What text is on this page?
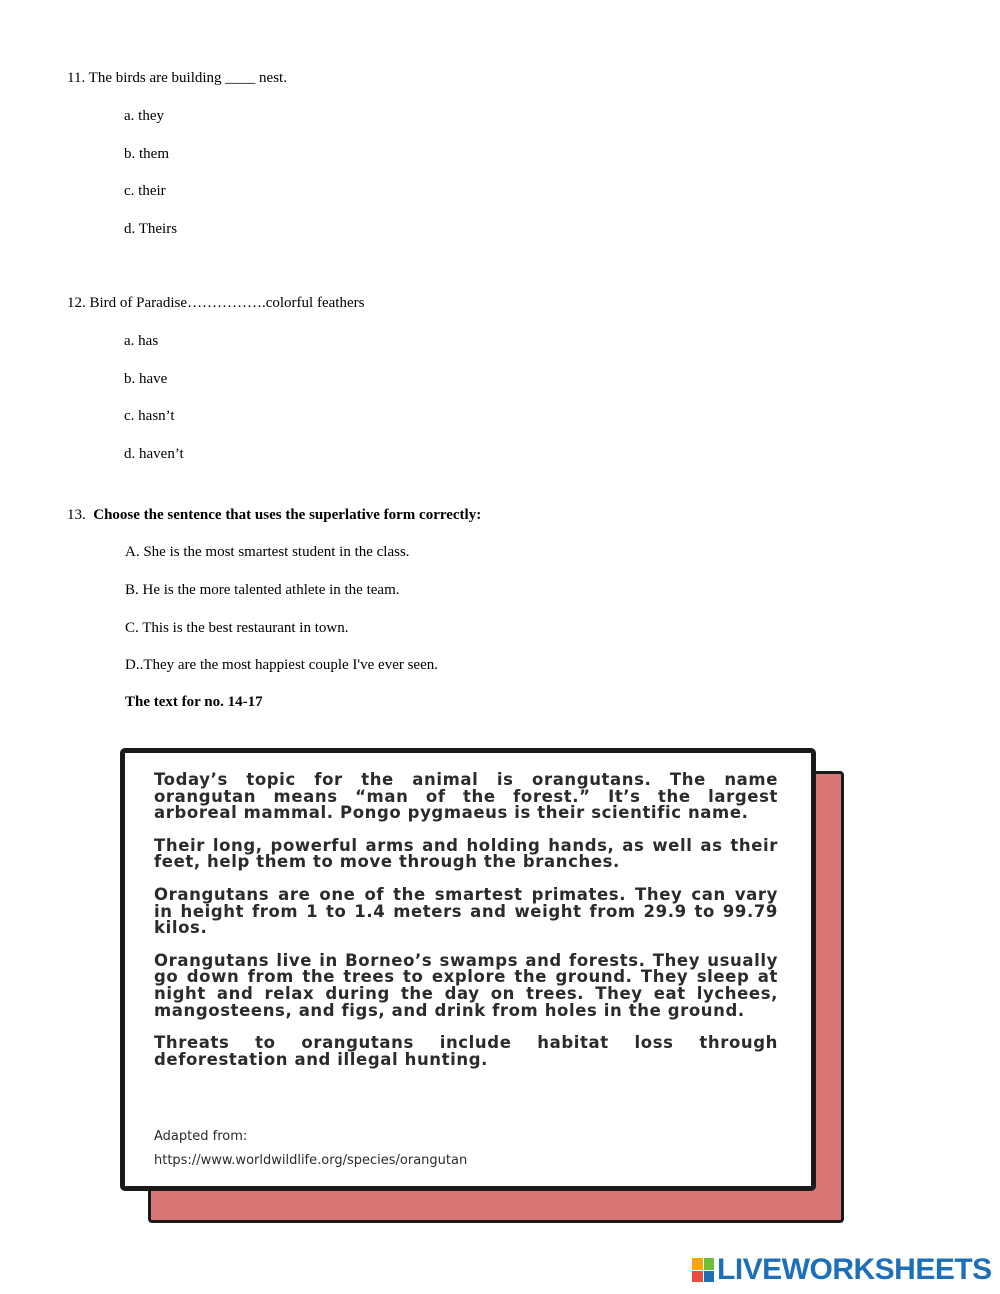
11. The birds are building ____ nest.
a. they
b. them
c. their
d. Theirs
12. Bird of Paradise…………….colorful feathers
a. has
b. have
c. hasn’t
d. haven’t
13. Choose the sentence that uses the superlative form correctly:
A. She is the most smartest student in the class.
B. He is the more talented athlete in the team.
C. This is the best restaurant in town.
D..They are the most happiest couple I've ever seen.
The text for no. 14-17

Today’s topic for the animal is orangutans. The name orangutan means “man of the forest.” It’s the largest arboreal mammal. Pongo pygmaeus is their scientific name.

Their long, powerful arms and holding hands, as well as their feet, help them to move through the branches.

Orangutans are one of the smartest primates. They can vary in height from 1 to 1.4 meters and weight from 29.9 to 99.79 kilos.

Orangutans live in Borneo’s swamps and forests. They usually go down from the trees to explore the ground. They sleep at night and relax during the day on trees. They eat lychees, mangosteens, and figs, and drink from holes in the ground.

Threats to orangutans include habitat loss through deforestation and illegal hunting.

Adapted from:
https://www.worldwildlife.org/species/orangutan
LIVEWORKSHEETS
